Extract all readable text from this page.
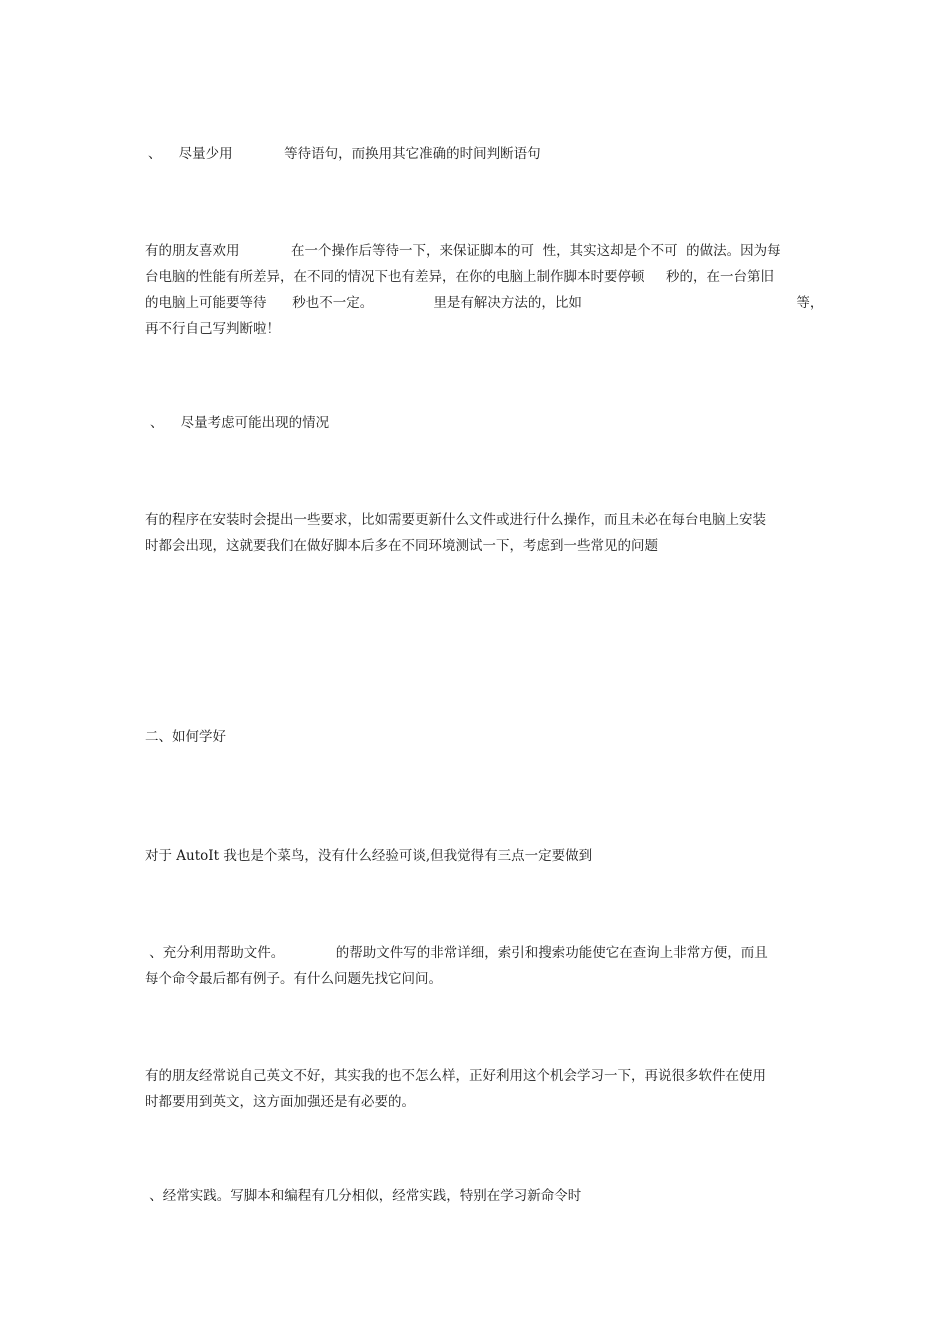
、    尽量少用            等待语句，而换用其它准确的时间判断语句

有的朋友喜欢用            在一个操作后等待一下，来保证脚本的可  性，其实这却是个不可  的做法。因为每
台电脑的性能有所差异，在不同的情况下也有差异，在你的电脑上制作脚本时要停顿     秒的，在一台第旧
的电脑上可能要等待      秒也不一定。              里是有解决方法的，比如                                                  等，
再不行自己写判断啦！

、    尽量考虑可能出现的情况

有的程序在安装时会提出一些要求，比如需要更新什么文件或进行什么操作，而且未必在每台电脑上安装
时都会出现，这就要我们在做好脚本后多在不同环境测试一下，考虑到一些常见的问题

二、如何学好

对于 AutoIt 我也是个菜鸟，没有什么经验可谈,但我觉得有三点一定要做到

、充分利用帮助文件。            的帮助文件写的非常详细，索引和搜索功能使它在查询上非常方便，而且
每个命令最后都有例子。有什么问题先找它问问。
有的朋友经常说自己英文不好，其实我的也不怎么样，正好利用这个机会学习一下，再说很多软件在使用
时都要用到英文，这方面加强还是有必要的。

、经常实践。写脚本和编程有几分相似，经常实践，特别在学习新命令时
